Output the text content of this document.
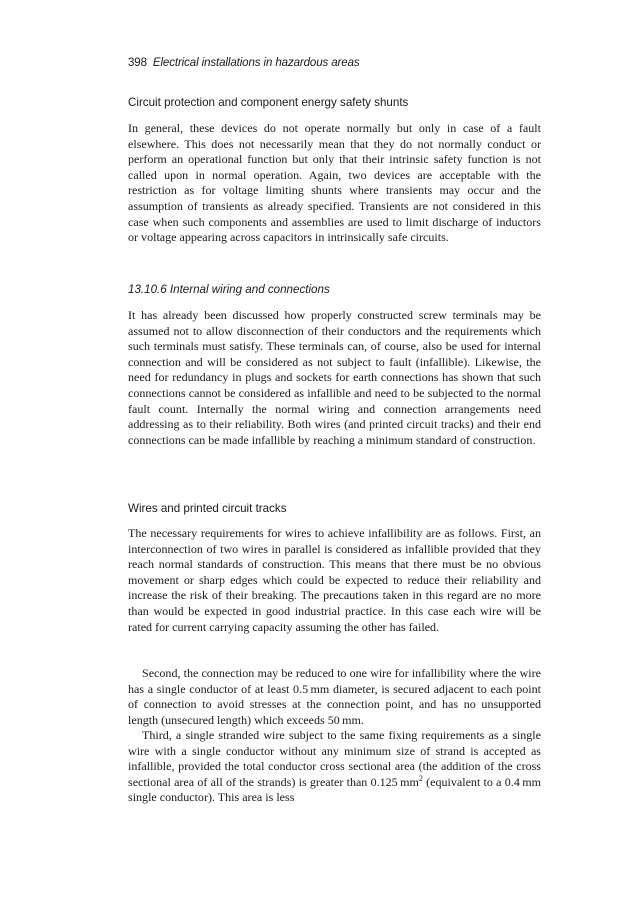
398 Electrical installations in hazardous areas
Circuit protection and component energy safety shunts

In general, these devices do not operate normally but only in case of a fault elsewhere. This does not necessarily mean that they do not normally conduct or perform an operational function but only that their intrinsic safety function is not called upon in normal operation. Again, two devices are acceptable with the restriction as for voltage limiting shunts where transients may occur and the assumption of transients as already specified. Transients are not considered in this case when such components and assemblies are used to limit discharge of inductors or voltage appearing across capacitors in intrinsically safe circuits.

13.10.6 Internal wiring and connections

It has already been discussed how properly constructed screw terminals may be assumed not to allow disconnection of their conductors and the requirements which such terminals must satisfy. These terminals can, of course, also be used for internal connection and will be considered as not subject to fault (infallible). Likewise, the need for redundancy in plugs and sockets for earth connections has shown that such connections cannot be considered as infallible and need to be subjected to the normal fault count. Internally the normal wiring and connection arrangements need addressing as to their reliability. Both wires (and printed circuit tracks) and their end connections can be made infallible by reaching a minimum standard of construction.

Wires and printed circuit tracks

The necessary requirements for wires to achieve infallibility are as follows. First, an interconnection of two wires in parallel is considered as infallible provided that they reach normal standards of construction. This means that there must be no obvious movement or sharp edges which could be expected to reduce their reliability and increase the risk of their breaking. The precautions taken in this regard are no more than would be expected in good industrial practice. In this case each wire will be rated for current carrying capacity assuming the other has failed.

Second, the connection may be reduced to one wire for infallibility where the wire has a single conductor of at least 0.5 mm diameter, is secured adjacent to each point of connection to avoid stresses at the connection point, and has no unsupported length (unsecured length) which exceeds 50 mm.

Third, a single stranded wire subject to the same fixing requirements as a single wire with a single conductor without any minimum size of strand is accepted as infallible, provided the total conductor cross sectional area (the addition of the cross sectional area of all of the strands) is greater than 0.125 $mm^2$ (equivalent to a 0.4 mm single conductor). This area is less
